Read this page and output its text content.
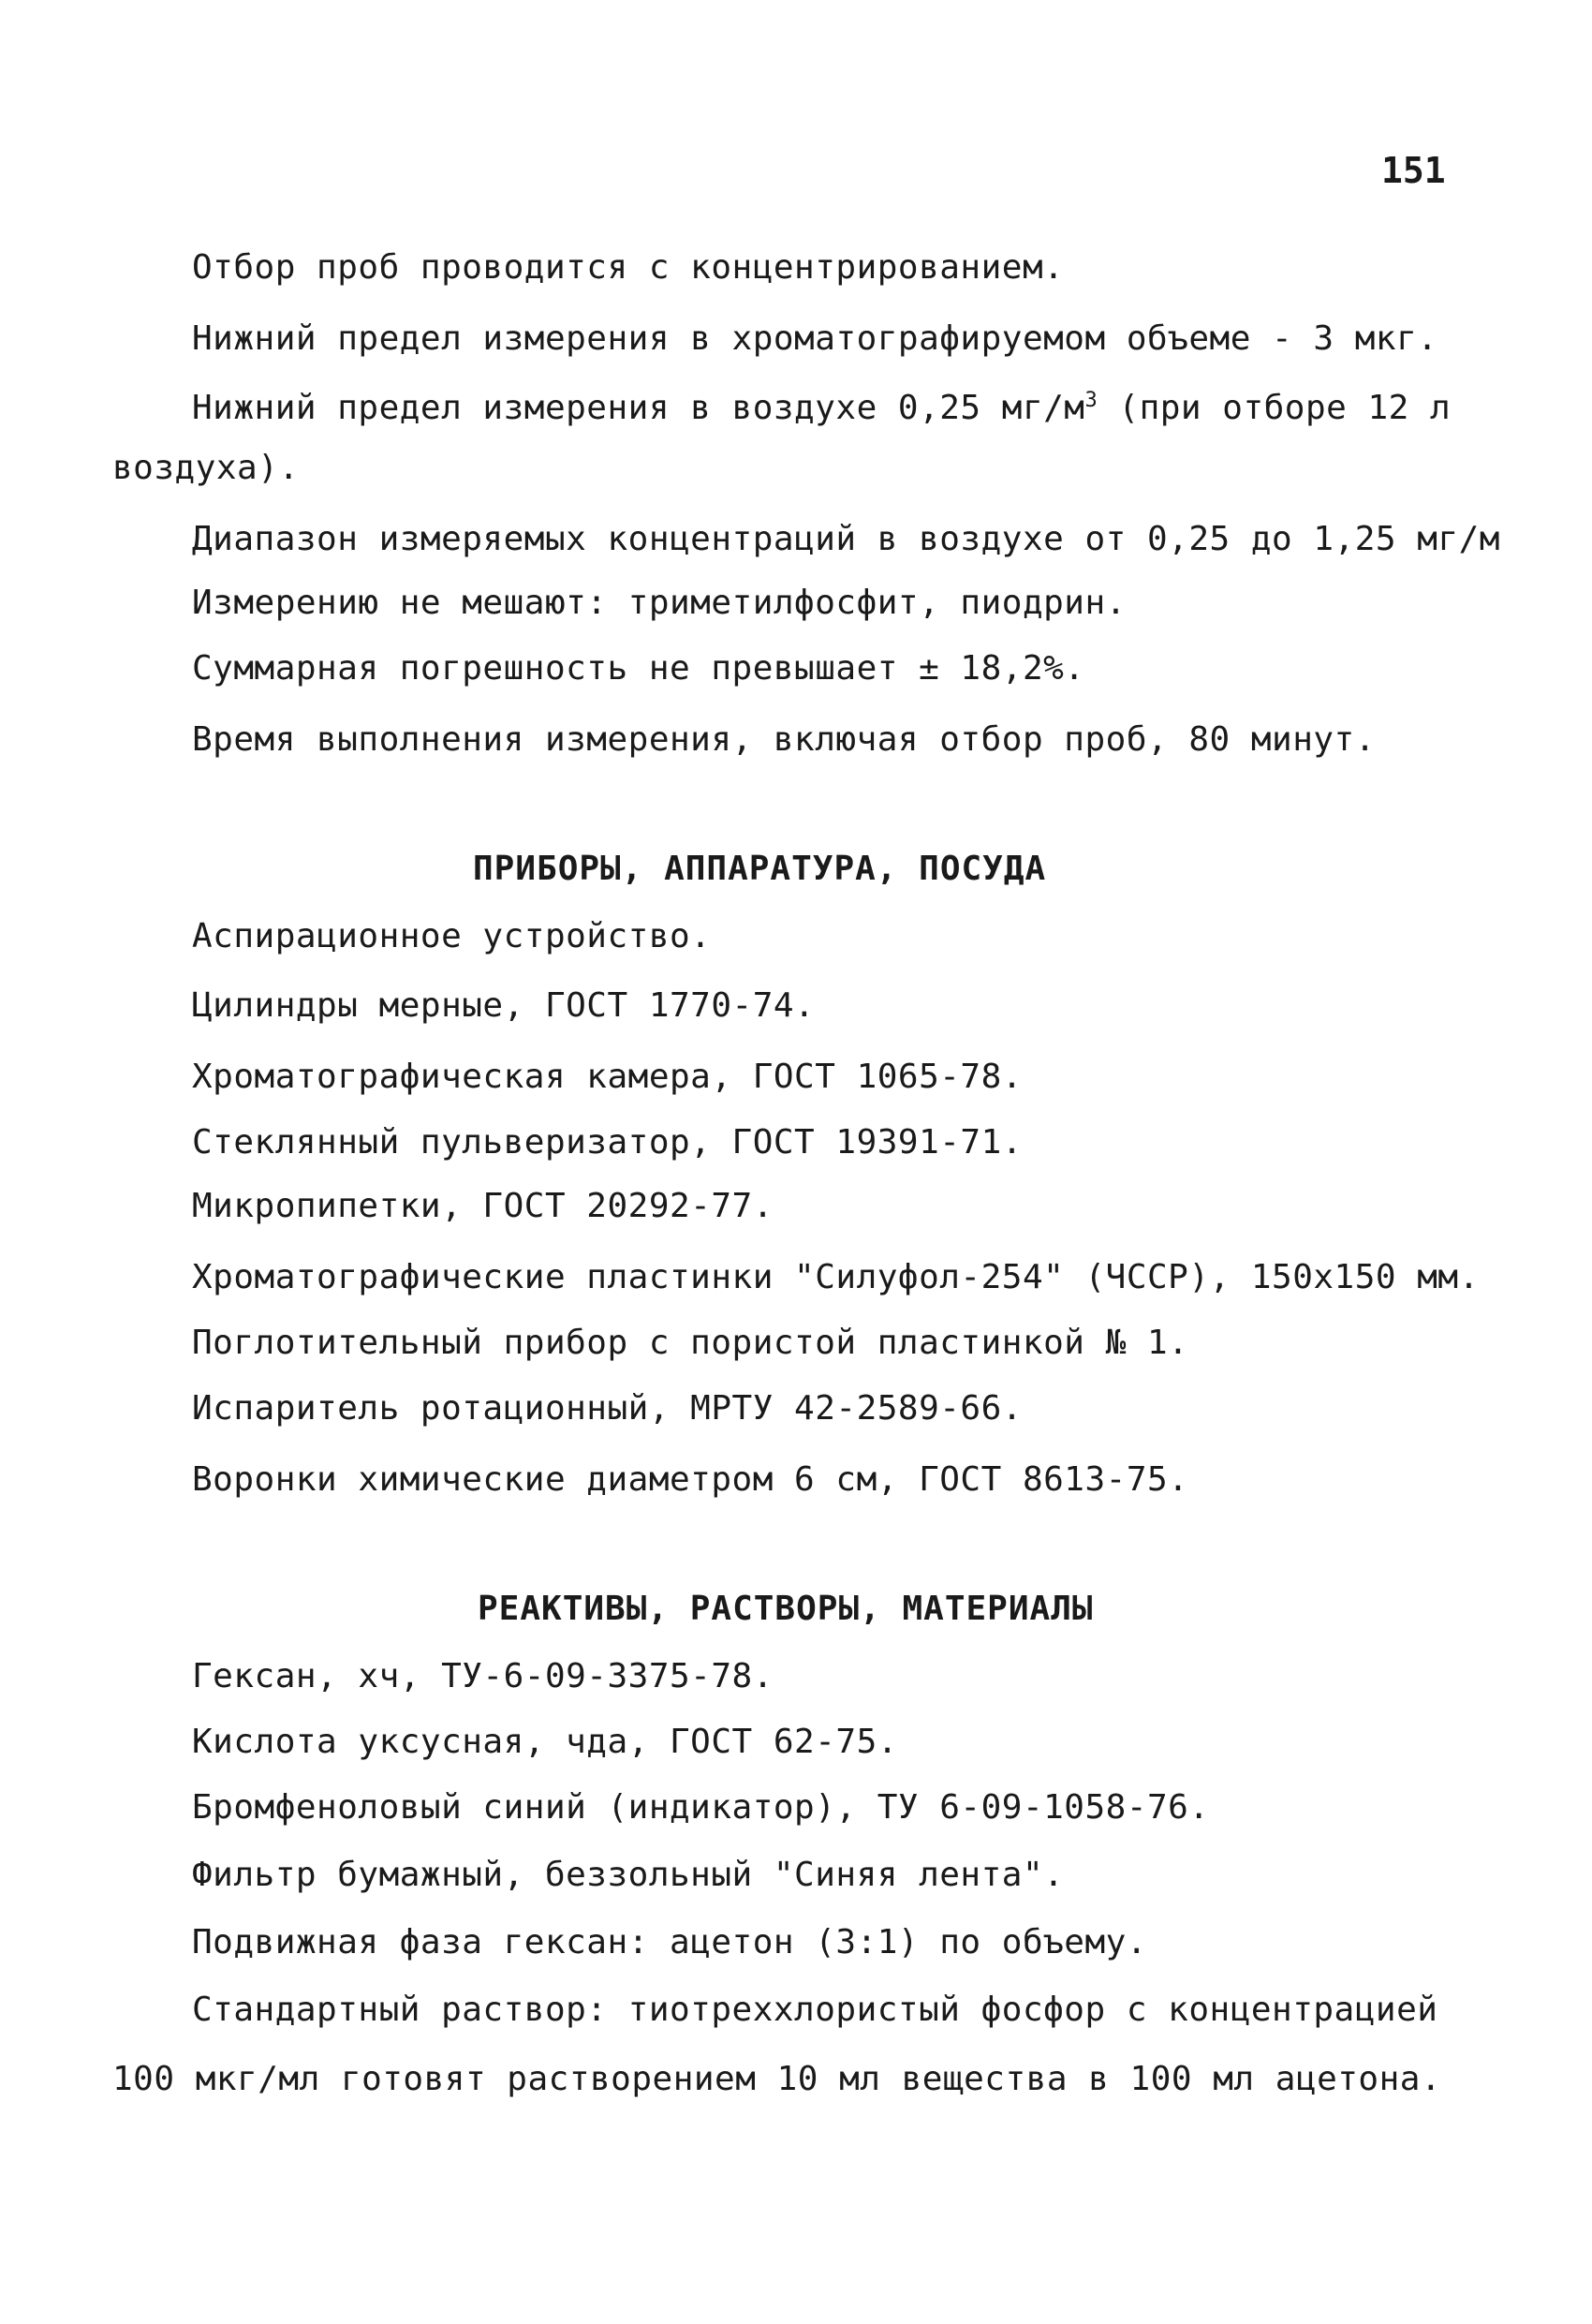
151
Отбор проб проводится с концентрированием.
Нижний предел измерения в хроматографируемом объеме - 3 мкг.
Нижний предел измерения в воздухе 0,25 $мг/м^3$ (при отборе 12 л
воздуха).
Диапазон измеряемых концентраций в воздухе от 0,25 до 1,25 мг/м
Измерению не мешают: триметилфосфит, пиодрин.
Суммарная погрешность не превышает ± 18,2%.
Время выполнения измерения, включая отбор проб, 80 минут.
ПРИБОРЫ, АППАРАТУРА, ПОСУДА
Аспирационное устройство.
Цилиндры мерные, ГОСТ 1770-74.
Хроматографическая камера, ГОСТ 1065-78.
Стеклянный пульверизатор, ГОСТ 19391-71.
Микропипетки, ГОСТ 20292-77.
Хроматографические пластинки "Силуфол-254" (ЧССР), 150х150 мм.
Поглотительный прибор с пористой пластинкой № 1.
Испаритель ротационный, МРТУ 42-2589-66.
Воронки химические диаметром 6 см, ГОСТ 8613-75.
РЕАКТИВЫ, РАСТВОРЫ, МАТЕРИАЛЫ
Гексан, хч, ТУ-6-09-3375-78.
Кислота уксусная, чда, ГОСТ 62-75.
Бромфеноловый синий (индикатор), ТУ 6-09-1058-76.
Фильтр бумажный, беззольный "Синяя лента".
Подвижная фаза гексан: ацетон (3:1) по объему.
Стандартный раствор: тиотреххлористый фосфор с концентрацией
100 мкг/мл готовят растворением 10 мл вещества в 100 мл ацетона.
